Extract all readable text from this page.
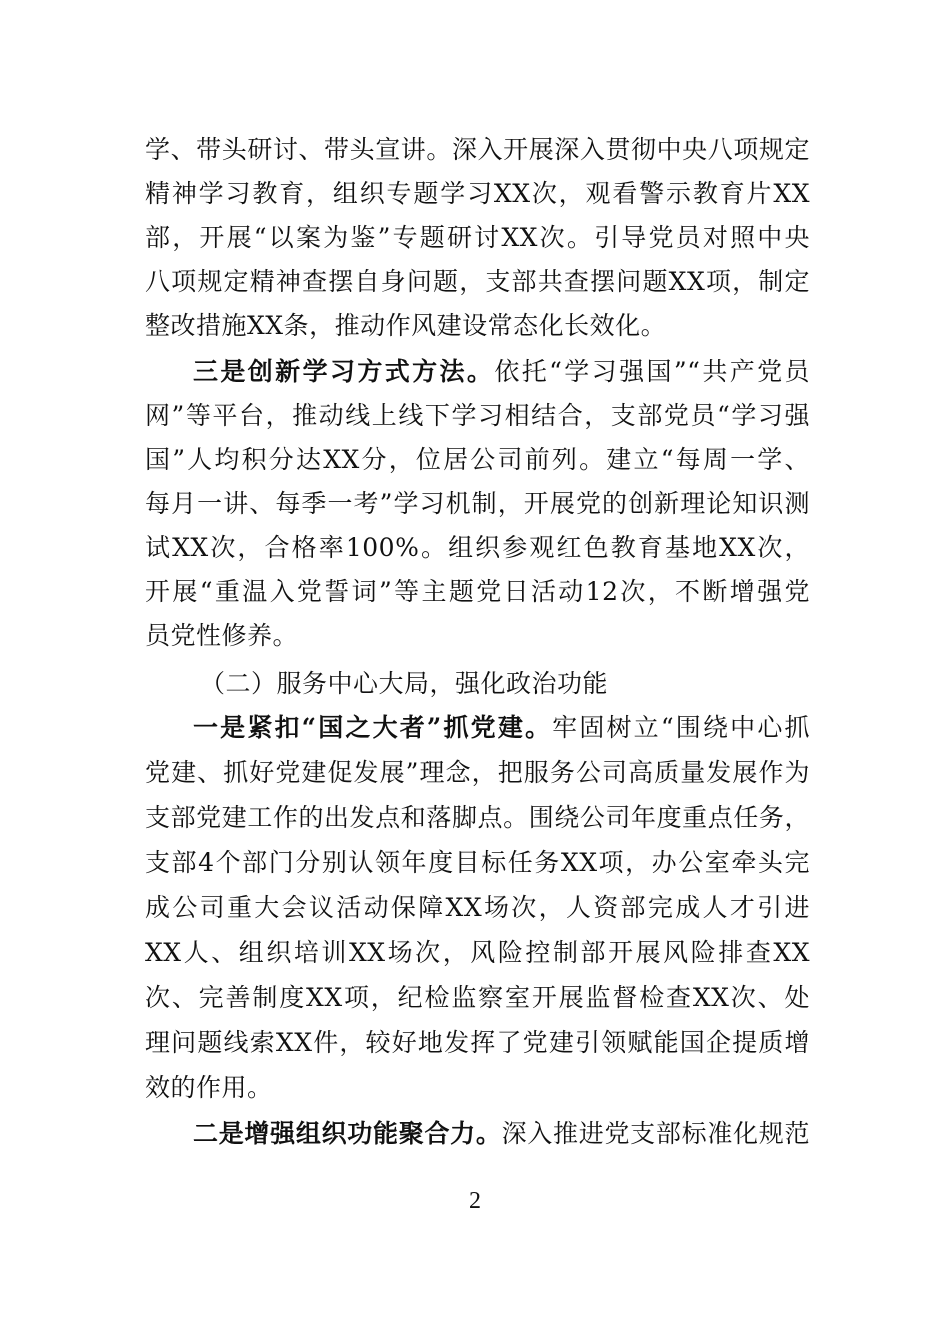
学、带头研讨、带头宣讲。深入开展深入贯彻中央八项规定
精神学习教育，组织专题学习XX次，观看警示教育片XX
部，开展“以案为鉴”专题研讨XX次。引导党员对照中央
八项规定精神查摆自身问题，支部共查摆问题XX项，制定
整改措施XX条，推动作风建设常态化长效化。
三是创新学习方式方法。依托“学习强国”“共产党员
网”等平台，推动线上线下学习相结合，支部党员“学习强
国”人均积分达XX分，位居公司前列。建立“每周一学、
每月一讲、每季一考”学习机制，开展党的创新理论知识测
试XX次，合格率100%。组织参观红色教育基地XX次，
开展“重温入党誓词”等主题党日活动12次，不断增强党
员党性修养。
（二）服务中心大局，强化政治功能
一是紧扣“国之大者”抓党建。牢固树立“围绕中心抓
党建、抓好党建促发展”理念，把服务公司高质量发展作为
支部党建工作的出发点和落脚点。围绕公司年度重点任务，
支部4个部门分别认领年度目标任务XX项，办公室牵头完
成公司重大会议活动保障XX场次，人资部完成人才引进
XX人、组织培训XX场次，风险控制部开展风险排查XX
次、完善制度XX项，纪检监察室开展监督检查XX次、处
理问题线索XX件，较好地发挥了党建引领赋能国企提质增
效的作用。
二是增强组织功能聚合力。深入推进党支部标准化规范
2
